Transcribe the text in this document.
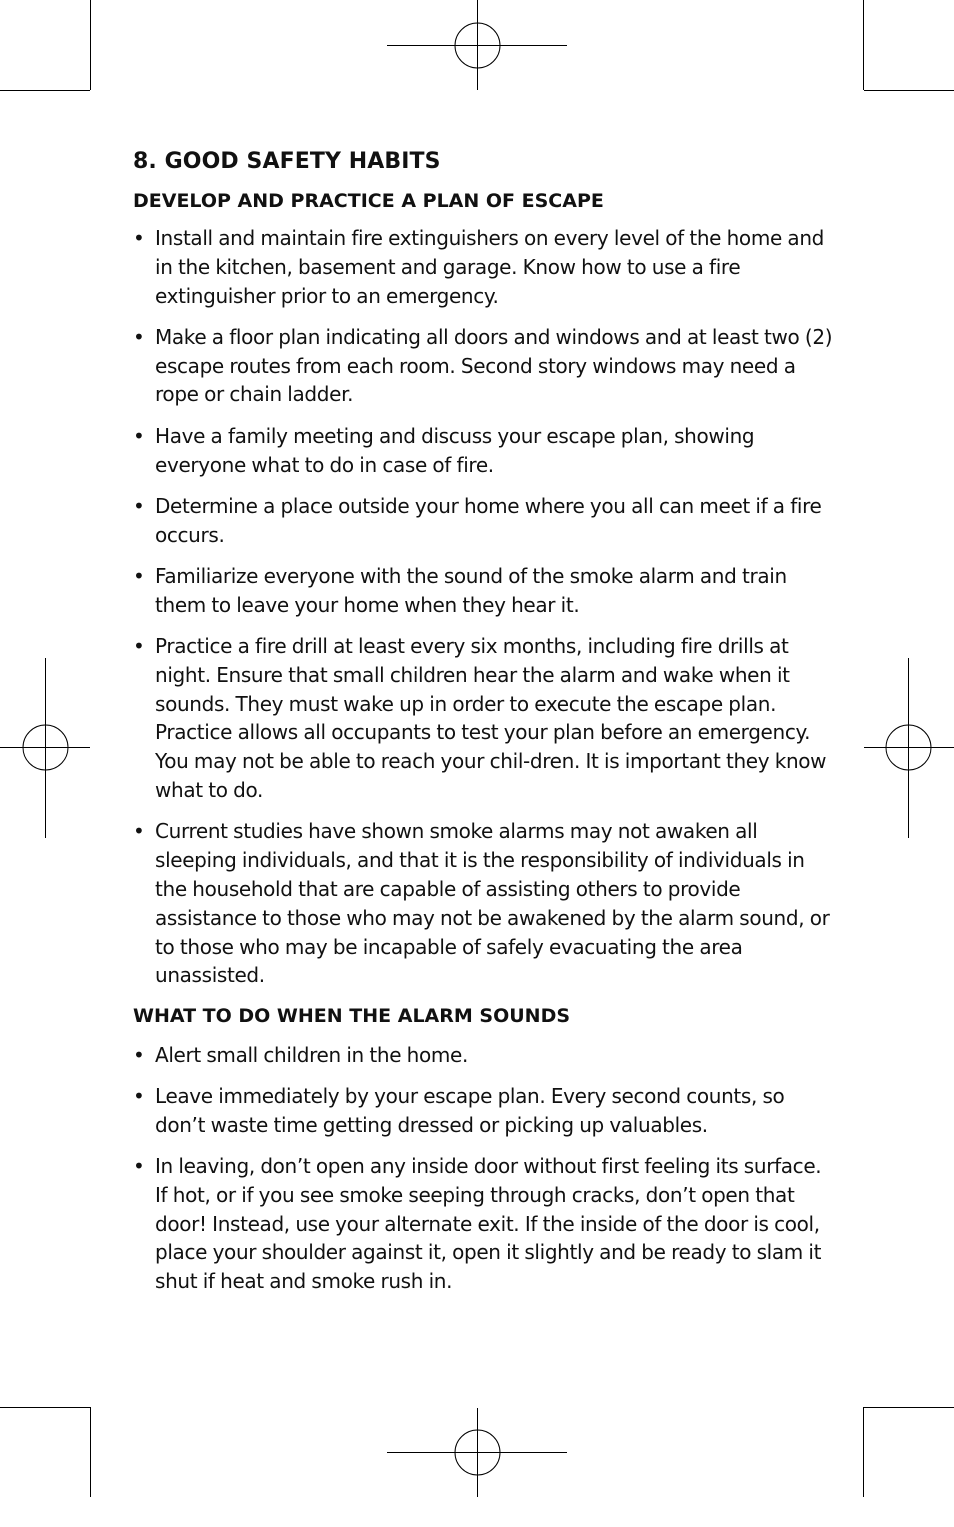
8. GOOD SAFETY HABITS
DEVELOP AND PRACTICE A PLAN OF ESCAPE
• Install and maintain fire extinguishers on every level of the home and in the kitchen, basement and garage. Know how to use a fire extinguisher prior to an emergency.
• Make a floor plan indicating all doors and windows and at least two (2) escape routes from each room. Second story windows may need a rope or chain ladder.
• Have a family meeting and discuss your escape plan, showing everyone what to do in case of fire.
• Determine a place outside your home where you all can meet if a fire occurs.
• Familiarize everyone with the sound of the smoke alarm and train them to leave your home when they hear it.
• Practice a fire drill at least every six months, including fire drills at night. Ensure that small children hear the alarm and wake when it sounds. They must wake up in order to execute the escape plan. Practice allows all occupants to test your plan before an emergency. You may not be able to reach your chil-dren. It is important they know what to do.
• Current studies have shown smoke alarms may not awaken all sleeping individuals, and that it is the responsibility of individuals in the household that are capable of assisting others to provide assistance to those who may not be awakened by the alarm sound, or to those who may be incapable of safely evacuating the area unassisted.
WHAT TO DO WHEN THE ALARM SOUNDS
• Alert small children in the home.
• Leave immediately by your escape plan. Every second counts, so don’t waste time getting dressed or picking up valuables.
• In leaving, don’t open any inside door without first feeling its surface. If hot, or if you see smoke seeping through cracks, don’t open that door! Instead, use your alternate exit. If the inside of the door is cool, place your shoulder against it, open it slightly and be ready to slam it shut if heat and smoke rush in.
